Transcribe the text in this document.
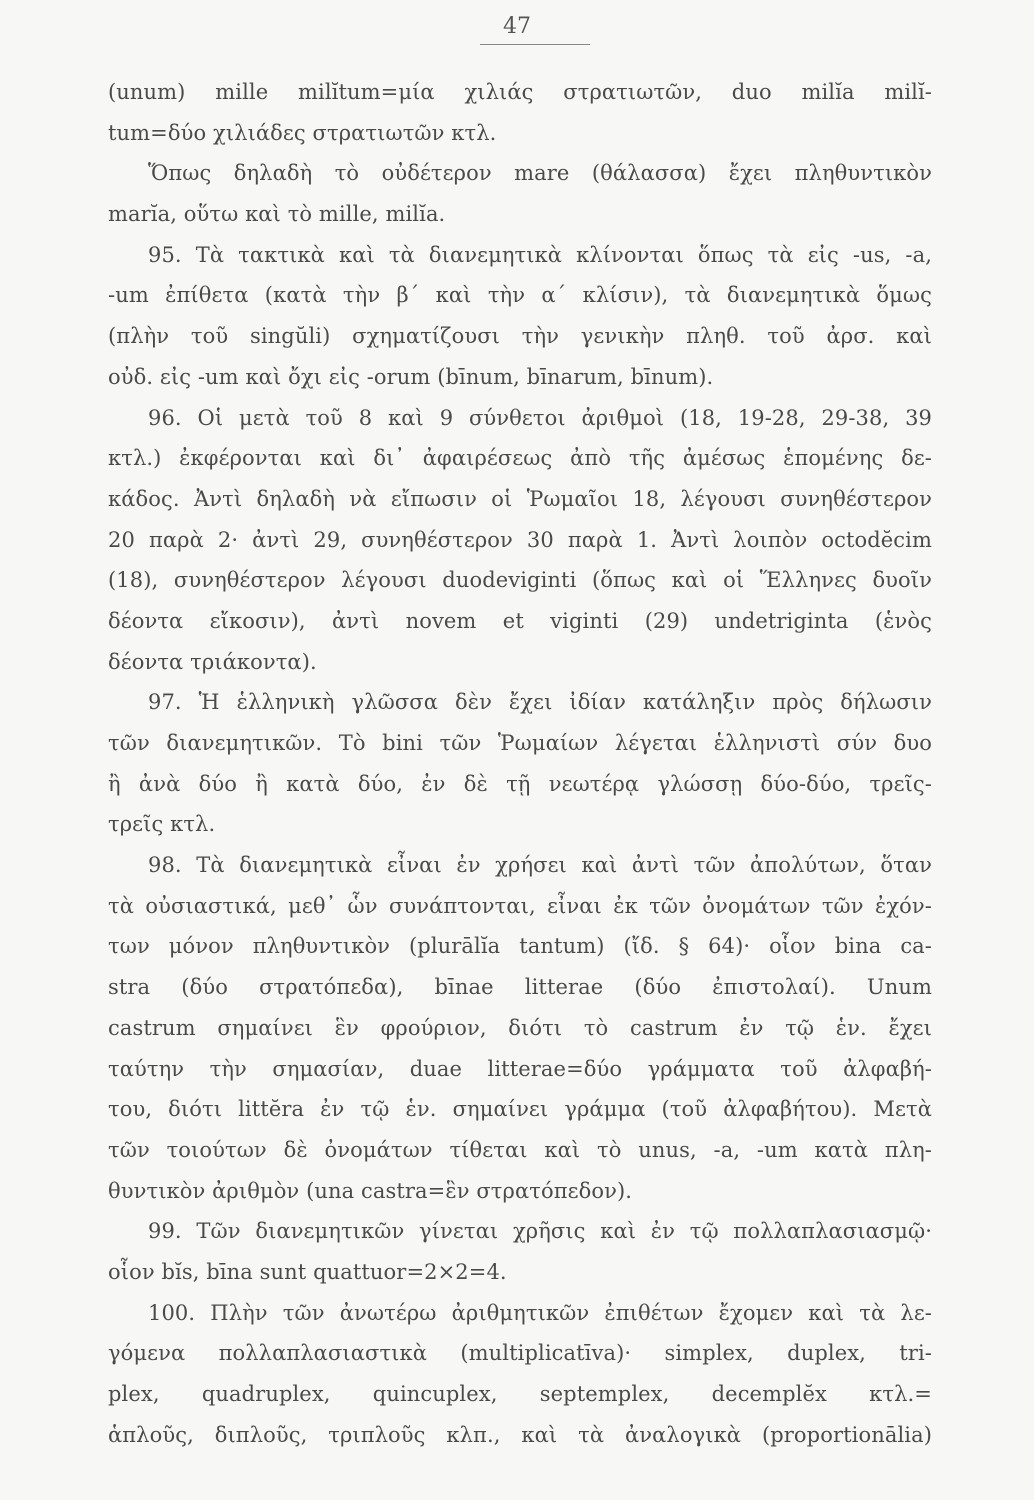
47
(unum) mille milĭtum=μία χιλιάς στρατιωτῶν, duo milĭa milĭ-
tum=δύο χιλιάδες στρατιωτῶν κτλ.
Ὅπως δηλαδὴ τὸ οὐδέτερον mare (θάλασσα) ἔχει πληθυντικὸν
marĭa, οὕτω καὶ τὸ mille, milĭa.
95. Τὰ τακτικὰ καὶ τὰ διανεμητικὰ κλίνονται ὅπως τὰ εἰς -us, -a,
-um ἐπίθετα (κατὰ τὴν β´ καὶ τὴν α´ κλίσιν), τὰ διανεμητικὰ ὅμως
(πλὴν τοῦ singŭli) σχηματίζουσι τὴν γενικὴν πληθ. τοῦ ἀρσ. καὶ
οὐδ. εἰς -um καὶ ὄχι εἰς -orum (bīnum, bīnarum, bīnum).
96. Οἱ μετὰ τοῦ 8 καὶ 9 σύνθετοι ἀριθμοὶ (18, 19-28, 29-38, 39
κτλ.) ἐκφέρονται καὶ δι᾽ ἀφαιρέσεως ἀπὸ τῆς ἀμέσως ἑπομένης δε-
κάδος. Ἀντὶ δηλαδὴ νὰ εἴπωσιν οἱ Ῥωμαῖοι 18, λέγουσι συνηθέστερον
20 παρὰ 2· ἀντὶ 29, συνηθέστερον 30 παρὰ 1. Ἀντὶ λοιπὸν octodĕcim
(18), συνηθέστερον λέγουσι duodeviginti (ὅπως καὶ οἱ Ἕλληνες δυοῖν
δέοντα εἴκοσιν), ἀντὶ novem et viginti (29) undetriginta (ἑνὸς
δέοντα τριάκοντα).
97. Ἡ ἑλληνικὴ γλῶσσα δὲν ἔχει ἰδίαν κατάληξιν πρὸς δήλωσιν
τῶν διανεμητικῶν. Τὸ bini τῶν Ῥωμαίων λέγεται ἑλληνιστὶ σύν δυο
ἢ ἀνὰ δύο ἢ κατὰ δύο, ἐν δὲ τῇ νεωτέρᾳ γλώσσῃ δύο-δύο, τρεῖς-
τρεῖς κτλ.
98. Τὰ διανεμητικὰ εἶναι ἐν χρήσει καὶ ἀντὶ τῶν ἀπολύτων, ὅταν
τὰ οὐσιαστικά, μεθ᾽ ὧν συνάπτονται, εἶναι ἐκ τῶν ὀνομάτων τῶν ἐχόν-
των μόνον πληθυντικὸν (plurālĭa tantum) (ἴδ. § 64)· οἷον bina ca-
stra (δύο στρατόπεδα), bīnae litterae (δύο ἐπιστολαί). Unum
castrum σημαίνει ἓν φρούριον, διότι τὸ castrum ἐν τῷ ἑν. ἔχει
ταύτην τὴν σημασίαν, duae litterae=δύο γράμματα τοῦ ἀλφαβή-
του, διότι littĕra ἐν τῷ ἑν. σημαίνει γράμμα (τοῦ ἀλφαβήτου). Μετὰ
τῶν τοιούτων δὲ ὀνομάτων τίθεται καὶ τὸ unus, -a, -um κατὰ πλη-
θυντικὸν ἀριθμὸν (una castra=ἓν στρατόπεδον).
99. Τῶν διανεμητικῶν γίνεται χρῆσις καὶ ἐν τῷ πολλαπλασιασμῷ·
οἷον bĭs, bīna sunt quattuor=2×2=4.
100. Πλὴν τῶν ἀνωτέρω ἀριθμητικῶν ἐπιθέτων ἔχομεν καὶ τὰ λε-
γόμενα πολλαπλασιαστικὰ (multiplicatīva)· simplex, duplex, tri-
plex, quadruplex, quincuplex, septemplex, decemplĕx κτλ.=
ἁπλοῦς, διπλοῦς, τριπλοῦς κλπ., καὶ τὰ ἀναλογικὰ (proportionālia)
